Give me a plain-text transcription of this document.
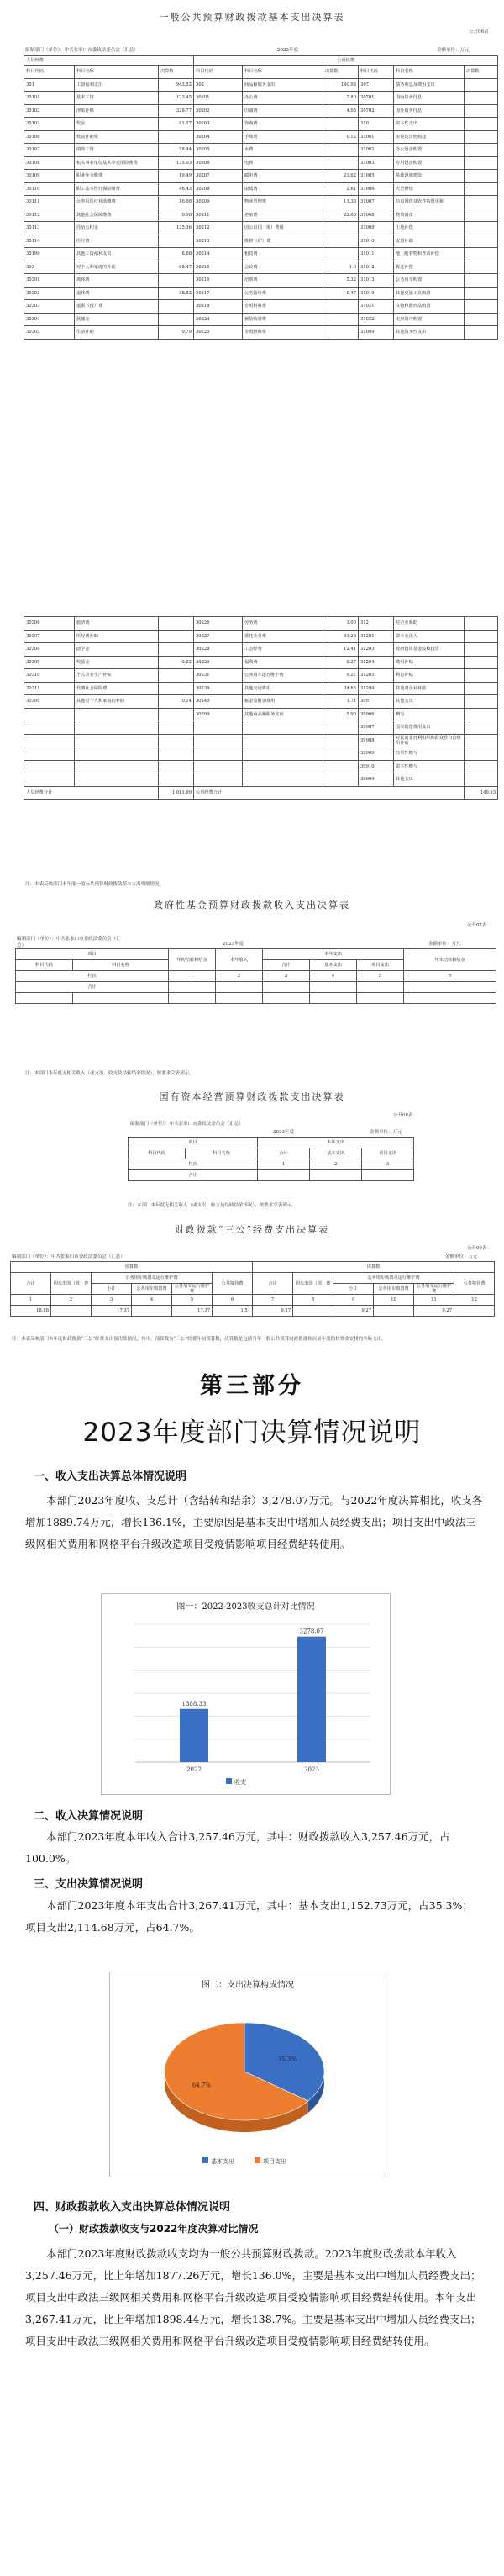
一般公共预算财政拨款基本支出决算表
公开06表
编制部门（单位）：中共张家口市委政法委员会（汇总）	2023年度	金额单位：万元
人员经费			公用经费					
科目代码	科目名称	决算数	科目代码	科目名称	决算数	科目代码	科目名称	决算数
301	工资福利支出	943.52	302	商品和服务支出	140.93	307	债务利息及费用支出	
30101	基本工资	123.45	30201	办公费	3.80	30701	国内债务付息	
30102	津贴补贴	328.77	30202	印刷费	4.05	30702	国外债务付息	
30103	奖金	81.27	30203	咨询费		310	资本性支出	
30106	伙食补助费		30204	手续费	0.12	31001	房屋建筑物购建	
30107	绩效工资	58.44	30205	水费		31002	办公设备购置	
30108	机关事业单位基本养老保险缴费	135.03	30206	电费		31003	专用设备购置	
30109	职业年金缴费	19.49	30207	邮电费	21.62	31005	基础设施建设	
30110	职工基本医疗保险缴费	46.43	30208	取暖费	2.61	31006	大型修缮	
30111	公务员医疗补助缴费	16.68	30209	物业管理费	11.33	31007	信息网络及软件购置更新	
30112	其他社会保障缴费	0.98	30211	差旅费	22.66	31008	物资储备	
30113	住房公积金	125.36	30212	因公出国（境）费用		31009	土地补偿	
30114	医疗费		30213	维修（护）费		31010	安置补助	
30199	其他工资福利支出	6.68	30214	租赁费		31011	地上附着物和青苗补偿	
303	对个人和家庭的补助	68.47	30215	会议费	1.0	31012	拆迁补偿	
30301	离休费		30216	培训费	5.32	31013	公务用车购置	
30302	退休费	58.52	30217	公务接待费	0.47	31019	其他交通工具购置	
30303	退职（役）费		30218	专用材料费		31021	文物和陈列品购置	
30304	抚恤金		30224	被装购置费		31022	无形资产购置	
30305	生活补助	9.79	30225	专用燃料费		31099	其他资本性支出	
30306	救济费		30226	劳务费	1.00	312	对企业补助	
30307	医疗费补助		30227	委托业务费	61.26	31201	资本金注入	
30308	助学金		30228	工会经费	12.41	31203	政府投资基金股权投资	
30309	奖励金	9.02	30229	福利费	9.27	31204	费用补贴	
30310	个人农业生产补贴		30231	公务用车运行维护费	9.27	31205	利息补贴	
30311	代缴社会保险费		30239	其他交通费用	34.65	31299	其他对企业补助	
30399	其他对个人和家庭的补助	0.14	30240	税金及附加费用	1.71	399	其他支出	
			30299	其他商品和服务支出	5.90	39906	赠与	
						39907	国家赔偿费用支出	
						39908	对民间非营利组织和群众性自治组织补贴	
						39909	经常性赠与	
						39910	资本性赠与	
						39999	其他支出	
人员经费合计		1,011.99	公用经费合计					140.93
注：本表反映部门本年度一般公共预算财政拨款基本支出明细情况。
政府性基金预算财政拨款收入支出决算表
公开07表
编制部门（单位）：中共张家口市委政法委员会（汇总）	2023年度	金额单位：万元
项目		年初结转和结余	本年收入	本年支出			年末结转和结余
科目代码	科目名称			合计	基本支出	项目支出	
栏次		1	2	3	4	5	6
合计							

注：本部门本年度无相关收入（或支出、收支及结转结余情况），按要求空表列示。
国有资本经营预算财政拨款支出决算表
公开08表
编制部门（单位）：中共张家口市委政法委员会（汇总）
2023年度	金额单位：万元
项目		本年支出		
科目代码	科目名称	合计	基本支出	项目支出
栏次		1	2	3
合计				
注：本部门本年度无相关收入（或支出、收支及结转结余情况），按要求空表列示。
财政拨款“三公”经费支出决算表
公开09表
编制部门（单位）：中共张家口市委政法委员会（汇总）	金额单位：万元
预算数						决算数					
合计	因公出国（境）费	公务用车购置及运行维护费			公务接待费	合计	因公出国（境）费	公务用车购置及运行维护费			公务接待费
		小计	公务用车购置费	公务用车运行维护费				小计	公务用车购置费	公务用车运行维护费	
1	2	3	4	5	6	7	8	9	10	11	12
18.88		17.37		17.37	1.51	9.27		9.27		9.27	
注：本表反映部门本年度财政拨款“三公”经费支出预决算情况。其中，预算数为“三公”经费年初预算数，决算数是包括当年一般公共预算财政拨款和以前年度结转资金安排的实际支出。
第三部分
2023年度部门决算情况说明
一、收入支出决算总体情况说明

本部门2023年度收、支总计（含结转和结余）3,278.07万元。与2022年度决算相比，收支各增加1889.74万元，增长136.1%，主要原因是基本支出中增加人员经费支出；项目支出中政法三级网相关费用和网格平台升级改造项目受疫情影响项目经费结转使用。

图一：2022-2023收支总计对比情况
1388.33
2022
3278.07
2023
收支
二、收入决算情况说明

本部门2023年度本年收入合计3,257.46万元，其中：财政拨款收入3,257.46万元，占100.0%。

三、支出决算情况说明

本部门2023年度本年支出合计3,267.41万元，其中：基本支出1,152.73万元，占35.3%；项目支出2,114.68万元，占64.7%。

图二：支出决算构成情况
35.3%
64.7%
基本支出	项目支出
四、财政拨款收入支出决算总体情况说明
（一）财政拨款收支与2022年度决算对比情况

本部门2023年度财政拨款收支均为一般公共预算财政拨款。2023年度财政拨款本年收入3,257.46万元，比上年增加1877.26万元，增长136.0%，主要是基本支出中增加人员经费支出；项目支出中政法三级网相关费用和网格平台升级改造项目受疫情影响项目经费结转使用。本年支出3,267.41万元，比上年增加1898.44万元，增长138.7%。主要是基本支出中增加人员经费支出；项目支出中政法三级网相关费用和网格平台升级改造项目受疫情影响项目经费结转使用。
